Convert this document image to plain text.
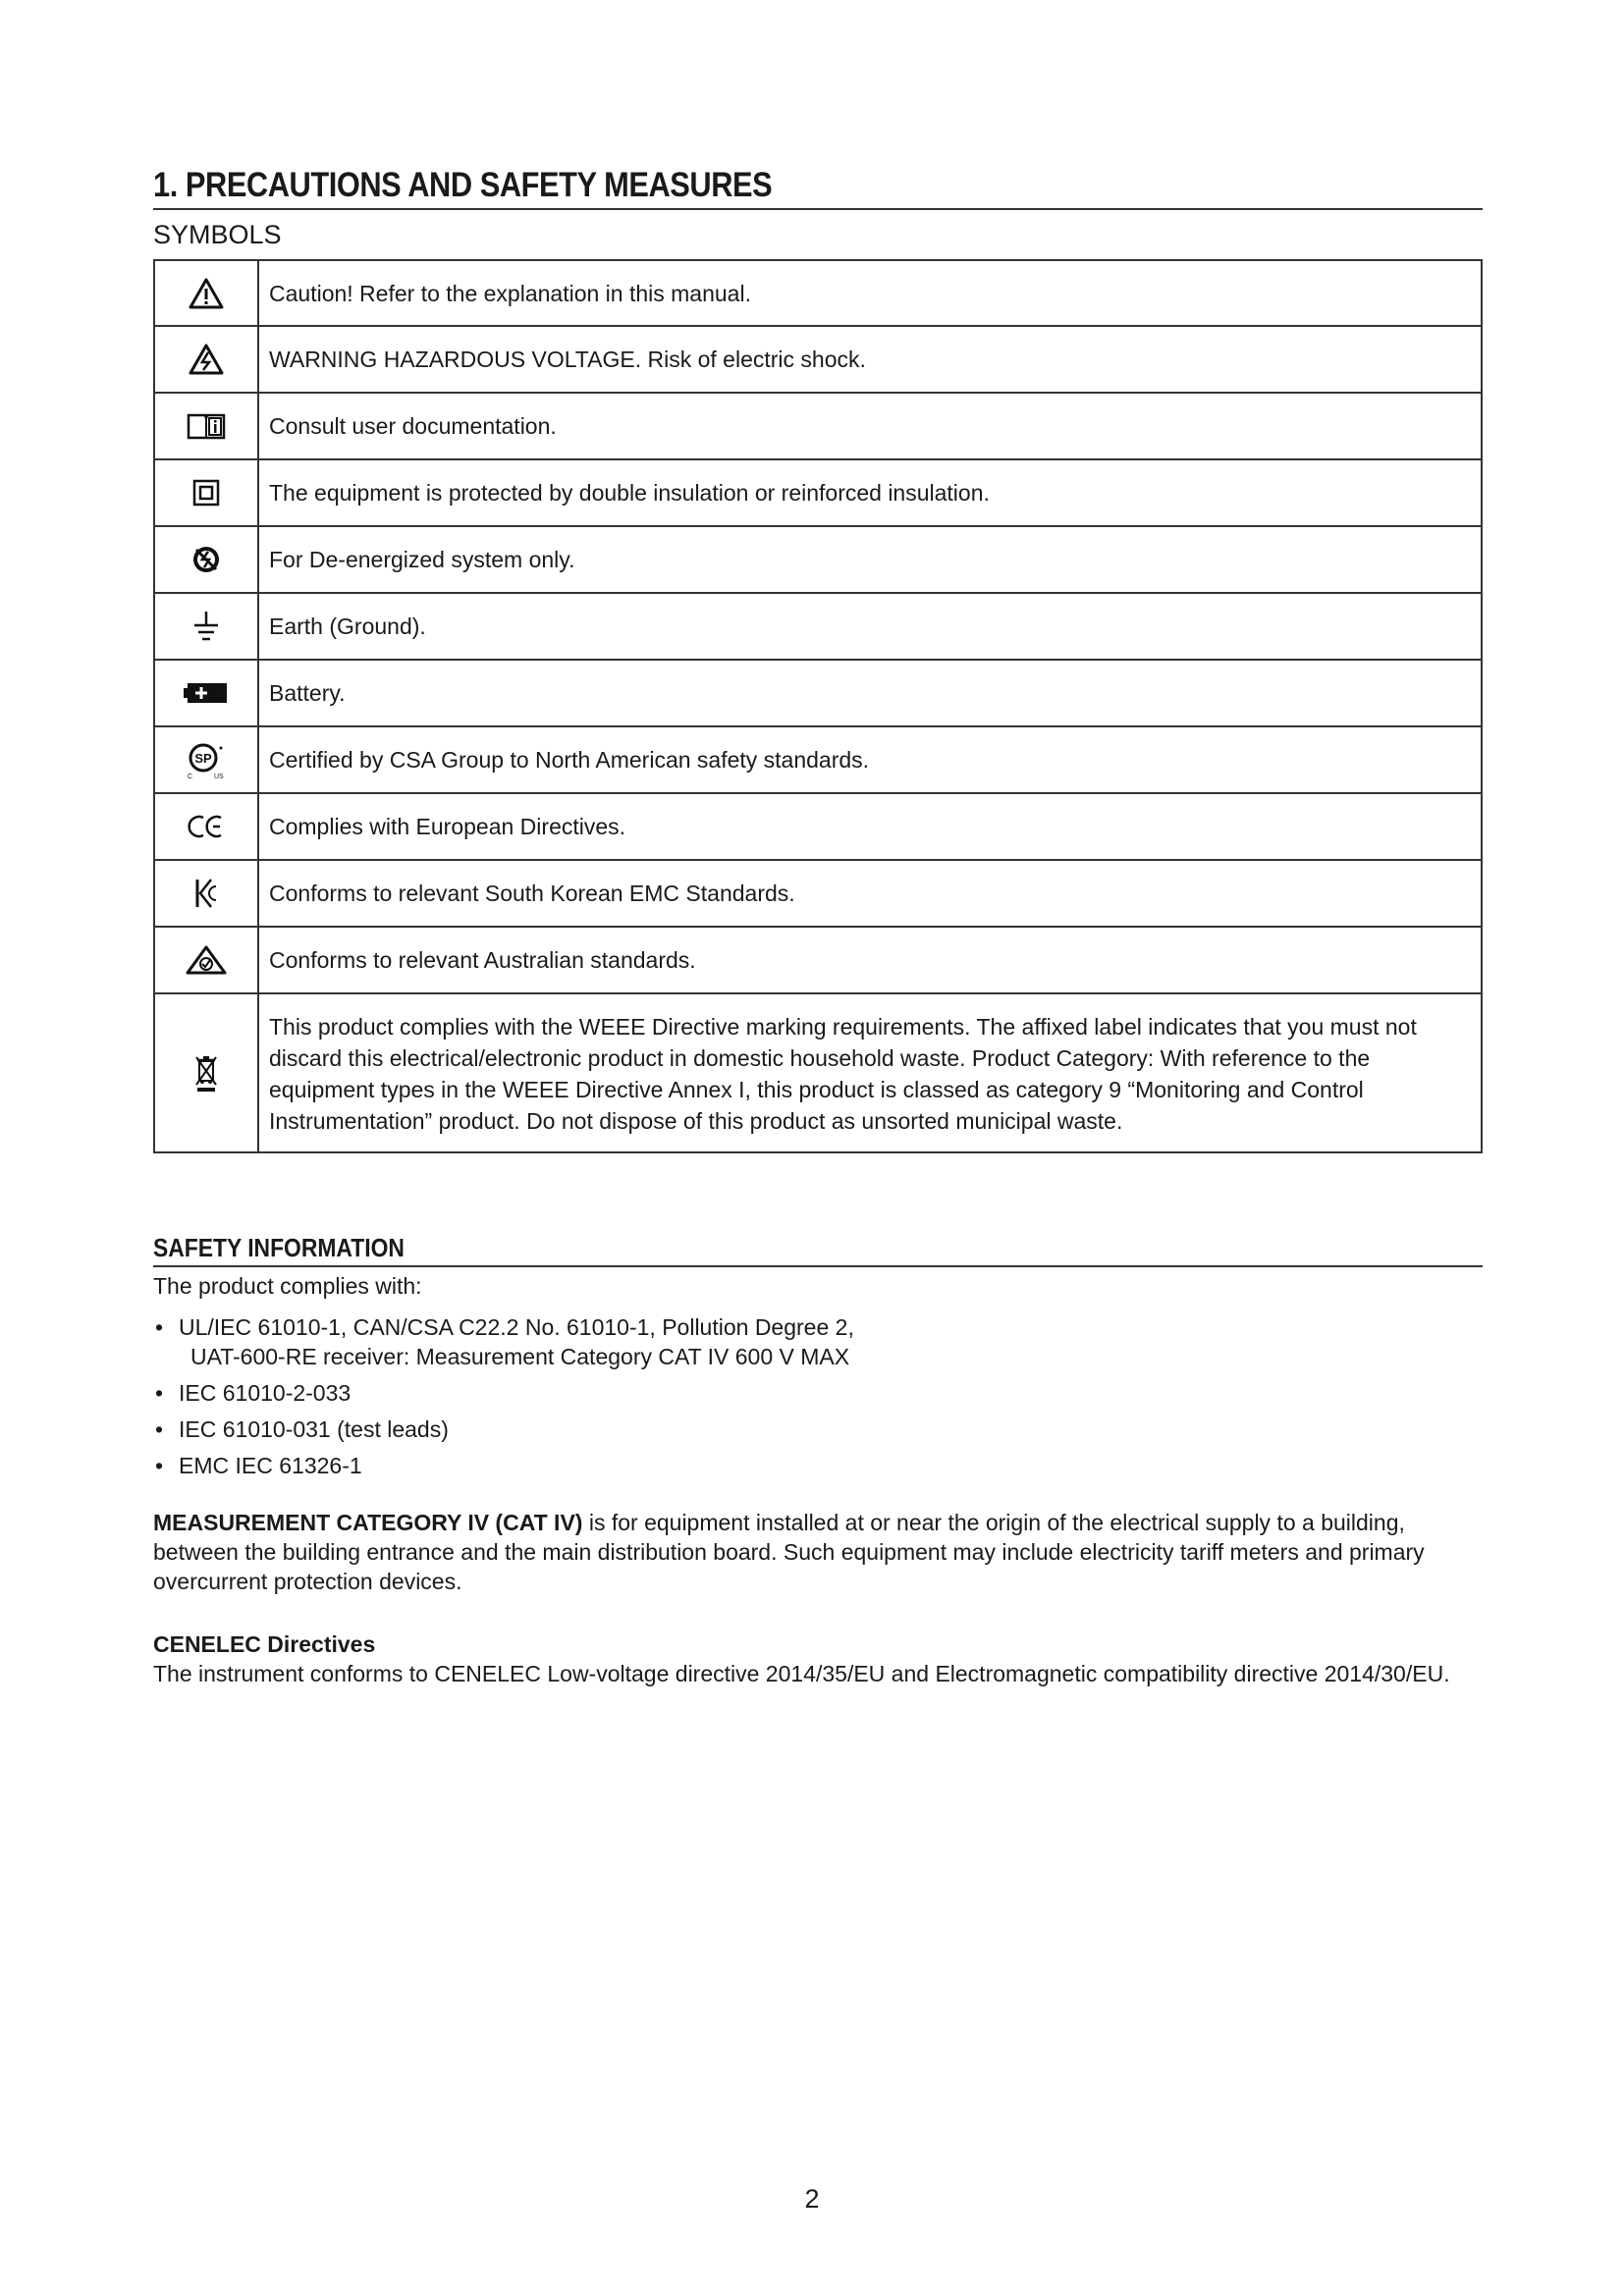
1. PRECAUTIONS AND SAFETY MEASURES
SYMBOLS
	Caution! Refer to the explanation in this manual.

	WARNING HAZARDOUS VOLTAGE. Risk of electric shock.

	Consult user documentation.

	The equipment is protected by double insulation or reinforced insulation.

	For De-energized system only.

	Earth (Ground).

	Battery.

SP
C US	Certified by CSA Group to North American safety standards.

	Complies with European Directives.

	Conforms to relevant South Korean EMC Standards.

	Conforms to relevant Australian standards.

	This product complies with the WEEE Directive marking requirements. The affixed label indicates that you must not discard this electrical/electronic product in domestic household waste. Product Category: With reference to the equipment types in the WEEE Directive Annex I, this product is classed as category 9 “Monitoring and Control Instrumentation” product. Do not dispose of this product as unsorted municipal waste.
SAFETY INFORMATION

The product complies with:

• UL/IEC 61010-1, CAN/CSA C22.2 No. 61010-1, Pollution Degree 2,
UAT-600-RE receiver: Measurement Category CAT IV 600 V MAX
• IEC 61010-2-033
• IEC 61010-031 (test leads)
• EMC IEC 61326-1

MEASUREMENT CATEGORY IV (CAT IV) is for equipment installed at or near the origin of the electrical supply to a building, between the building entrance and the main distribution board. Such equipment may include electricity tariff meters and primary overcurrent protection devices.

CENELEC Directives

The instrument conforms to CENELEC Low-voltage directive 2014/35/EU and Electromagnetic compatibility directive 2014/30/EU.

2
